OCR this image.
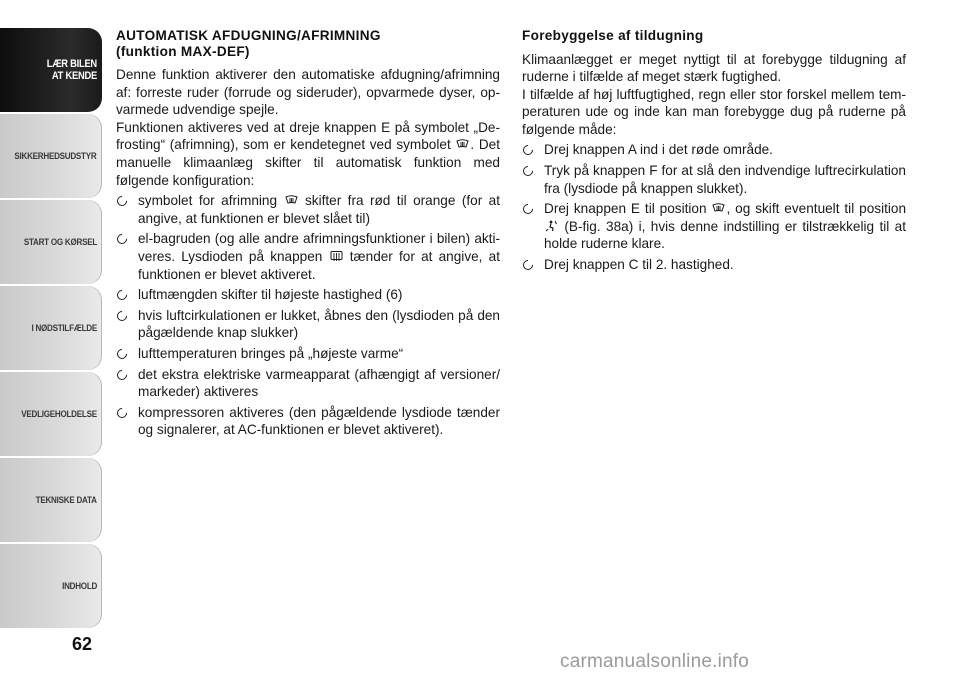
LÆR BILEN
AT KENDE
SIKKERHEDSUDSTYR
START OG KØRSEL
I NØDSTILFÆLDE
VEDLIGEHOLDELSE
TEKNISKE DATA
INDHOLD
62
AUTOMATISK AFDUGNING/AFRIMNING
(funktion MAX-DEF)

Denne funktion aktiverer den automatiske afdugning/afrimning af: forreste ruder (forrude og sideruder), opvarmede dyser, op-varmede udvendige spejle.

Funktionen aktiveres ved at dreje knappen E på symbolet „De-frosting“ (afrimning), som er kendetegnet ved symbolet . Det manuelle klimaanlæg skifter til automatisk funktion med følgende konfiguration:

symbolet for afrimning skifter fra rød til orange (for at angive, at funktionen er blevet slået til)
el-bagruden (og alle andre afrimningsfunktioner i bilen) akti-veres. Lysdioden på knappen tænder for at angive, at funktionen er blevet aktiveret.
luftmængden skifter til højeste hastighed (6)
hvis luftcirkulationen er lukket, åbnes den (lysdioden på den pågældende knap slukker)
lufttemperaturen bringes på „højeste varme“
det ekstra elektriske varmeapparat (afhængigt af versioner/ markeder) aktiveres
kompressoren aktiveres (den pågældende lysdiode tænder og signalerer, at AC-funktionen er blevet aktiveret).
Forebyggelse af tildugning

Klimaanlægget er meget nyttigt til at forebygge tildugning af ruderne i tilfælde af meget stærk fugtighed.

I tilfælde af høj luftfugtighed, regn eller stor forskel mellem tem-peraturen ude og inde kan man forebygge dug på ruderne på følgende måde:

Drej knappen A ind i det røde område.
Tryk på knappen F for at slå den indvendige luftrecirkulation fra (lysdiode på knappen slukket).
Drej knappen E til position , og skift eventuelt til position  (B-fig. 38a) i, hvis denne indstilling er tilstrækkelig til at holde ruderne klare.
Drej knappen C til 2. hastighed.
carmanualsonline.info
